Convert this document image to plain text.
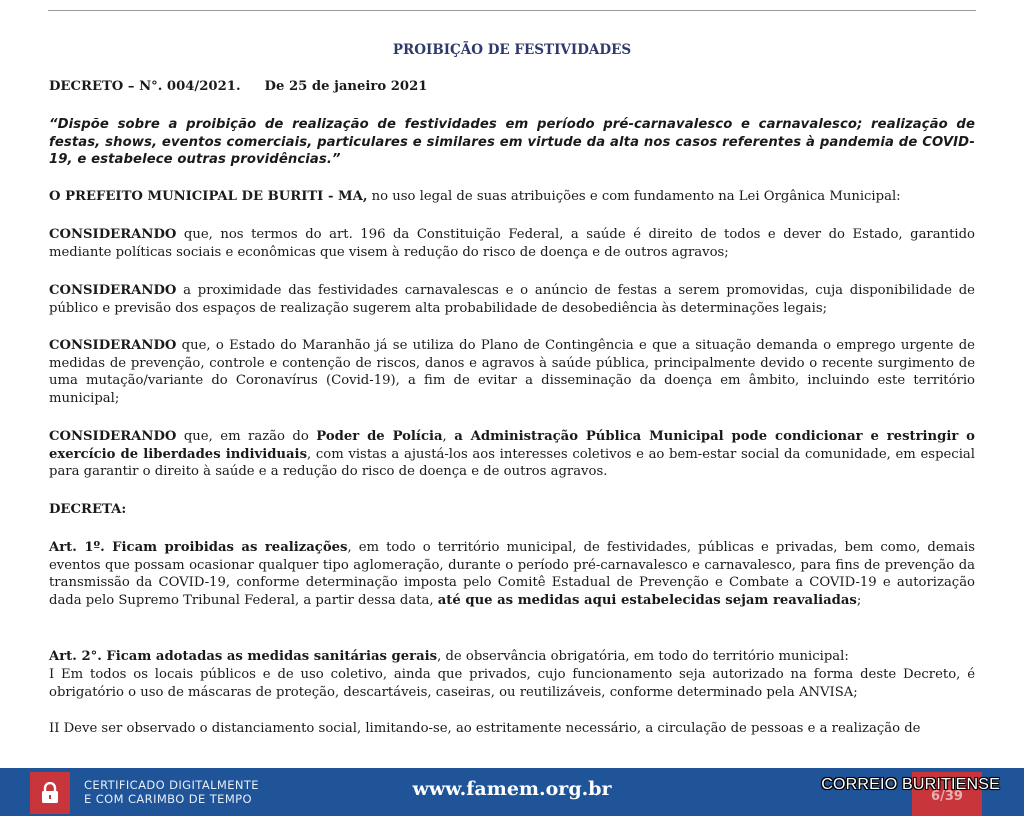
PROIBIÇÃO DE FESTIVIDADES

DECRETO – N°. 004/2021. De 25 de janeiro 2021

“Dispõe sobre a proibição de realização de festividades em período pré-carnavalesco e carnavalesco; realização de festas, shows, eventos comerciais, particulares e similares em virtude da alta nos casos referentes à pandemia de COVID-19, e estabelece outras providências.”

O PREFEITO MUNICIPAL DE BURITI - MA, no uso legal de suas atribuições e com fundamento na Lei Orgânica Municipal:

CONSIDERANDO que, nos termos do art. 196 da Constituição Federal, a saúde é direito de todos e dever do Estado, garantido mediante políticas sociais e econômicas que visem à redução do risco de doença e de outros agravos;

CONSIDERANDO a proximidade das festividades carnavalescas e o anúncio de festas a serem promovidas, cuja disponibilidade de público e previsão dos espaços de realização sugerem alta probabilidade de desobediência às determinações legais;

CONSIDERANDO que, o Estado do Maranhão já se utiliza do Plano de Contingência e que a situação demanda o emprego urgente de medidas de prevenção, controle e contenção de riscos, danos e agravos à saúde pública, principalmente devido o recente surgimento de uma mutação/variante do Coronavírus (Covid-19), a fim de evitar a disseminação da doença em âmbito, incluindo este território municipal;

CONSIDERANDO que, em razão do Poder de Polícia, a Administração Pública Municipal pode condicionar e restringir o exercício de liberdades individuais, com vistas a ajustá-los aos interesses coletivos e ao bem-estar social da comunidade, em especial para garantir o direito à saúde e a redução do risco de doença e de outros agravos.

DECRETA:

Art. 1º. Ficam proibidas as realizações, em todo o território municipal, de festividades, públicas e privadas, bem como, demais eventos que possam ocasionar qualquer tipo aglomeração, durante o período pré-carnavalesco e carnavalesco, para fins de prevenção da transmissão da COVID-19, conforme determinação imposta pelo Comitê Estadual de Prevenção e Combate a COVID-19 e autorização dada pelo Supremo Tribunal Federal, a partir dessa data, até que as medidas aqui estabelecidas sejam reavaliadas;

Art. 2°. Ficam adotadas as medidas sanitárias gerais, de observância obrigatória, em todo do território municipal:

I Em todos os locais públicos e de uso coletivo, ainda que privados, cujo funcionamento seja autorizado na forma deste Decreto, é obrigatório o uso de máscaras de proteção, descartáveis, caseiras, ou reutilizáveis, conforme determinado pela ANVISA;

II Deve ser observado o distanciamento social, limitando-se, ao estritamente necessário, a circulação de pessoas e a realização de

CERTIFICADO DIGITALMENTE
E COM CARIMBO DE TEMPO	www.famem.org.br	6/39
CORREIO BURITIENSE
